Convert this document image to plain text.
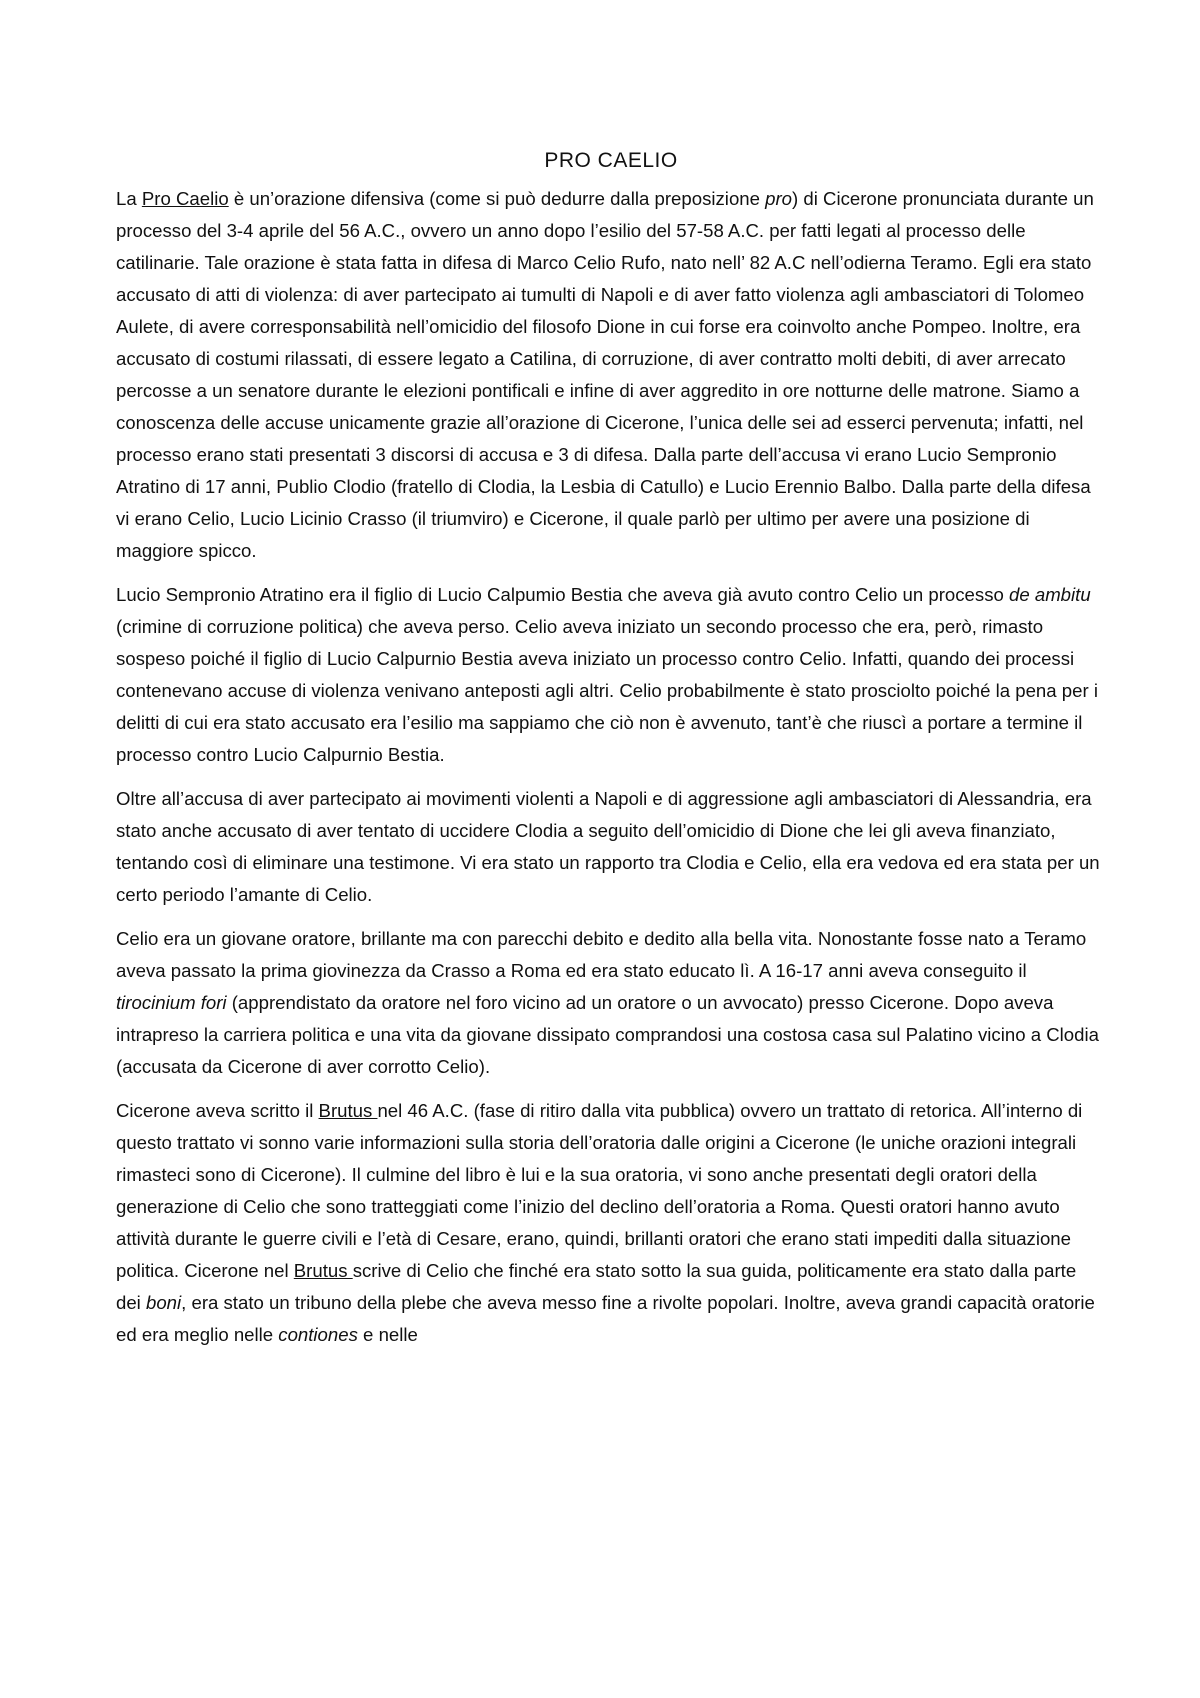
PRO CAELIO

La Pro Caelio è un’orazione difensiva (come si può dedurre dalla preposizione pro) di Cicerone pronunciata durante un processo del 3-4 aprile del 56 A.C., ovvero un anno dopo l’esilio del 57-58 A.C. per fatti legati al processo delle catilinarie. Tale orazione è stata fatta in difesa di Marco Celio Rufo, nato nell’ 82 A.C nell’odierna Teramo. Egli era stato accusato di atti di violenza: di aver partecipato ai tumulti di Napoli e di aver fatto violenza agli ambasciatori di Tolomeo Aulete, di avere corresponsabilità nell’omicidio del filosofo Dione in cui forse era coinvolto anche Pompeo. Inoltre, era accusato di costumi rilassati, di essere legato a Catilina, di corruzione, di aver contratto molti debiti, di aver arrecato percosse a un senatore durante le elezioni pontificali e infine di aver aggredito in ore notturne delle matrone. Siamo a conoscenza delle accuse unicamente grazie all’orazione di Cicerone, l’unica delle sei ad esserci pervenuta; infatti, nel processo erano stati presentati 3 discorsi di accusa e 3 di difesa. Dalla parte dell’accusa vi erano Lucio Sempronio Atratino di 17 anni, Publio Clodio (fratello di Clodia, la Lesbia di Catullo) e Lucio Erennio Balbo. Dalla parte della difesa vi erano Celio, Lucio Licinio Crasso (il triumviro) e Cicerone, il quale parlò per ultimo per avere una posizione di maggiore spicco.

Lucio Sempronio Atratino era il figlio di Lucio Calpumio Bestia che aveva già avuto contro Celio un processo de ambitu (crimine di corruzione politica) che aveva perso. Celio aveva iniziato un secondo processo che era, però, rimasto sospeso poiché il figlio di Lucio Calpurnio Bestia aveva iniziato un processo contro Celio. Infatti, quando dei processi contenevano accuse di violenza venivano anteposti agli altri. Celio probabilmente è stato prosciolto poiché la pena per i delitti di cui era stato accusato era l’esilio ma sappiamo che ciò non è avvenuto, tant’è che riuscì a portare a termine il processo contro Lucio Calpurnio Bestia.

Oltre all’accusa di aver partecipato ai movimenti violenti a Napoli e di aggressione agli ambasciatori di Alessandria, era stato anche accusato di aver tentato di uccidere Clodia a seguito dell’omicidio di Dione che lei gli aveva finanziato, tentando così di eliminare una testimone. Vi era stato un rapporto tra Clodia e Celio, ella era vedova ed era stata per un certo periodo l’amante di Celio.

Celio era un giovane oratore, brillante ma con parecchi debito e dedito alla bella vita. Nonostante fosse nato a Teramo aveva passato la prima giovinezza da Crasso a Roma ed era stato educato lì. A 16-17 anni aveva conseguito il tirocinium fori (apprendistato da oratore nel foro vicino ad un oratore o un avvocato) presso Cicerone. Dopo aveva intrapreso la carriera politica e una vita da giovane dissipato comprandosi una costosa casa sul Palatino vicino a Clodia (accusata da Cicerone di aver corrotto Celio).

Cicerone aveva scritto il Brutus nel 46 A.C. (fase di ritiro dalla vita pubblica) ovvero un trattato di retorica. All’interno di questo trattato vi sonno varie informazioni sulla storia dell’oratoria dalle origini a Cicerone (le uniche orazioni integrali rimasteci sono di Cicerone). Il culmine del libro è lui e la sua oratoria, vi sono anche presentati degli oratori della generazione di Celio che sono tratteggiati come l’inizio del declino dell’oratoria a Roma. Questi oratori hanno avuto attività durante le guerre civili e l’età di Cesare, erano, quindi, brillanti oratori che erano stati impediti dalla situazione politica. Cicerone nel Brutus scrive di Celio che finché era stato sotto la sua guida, politicamente era stato dalla parte dei boni, era stato un tribuno della plebe che aveva messo fine a rivolte popolari. Inoltre, aveva grandi capacità oratorie ed era meglio nelle contiones e nelle
